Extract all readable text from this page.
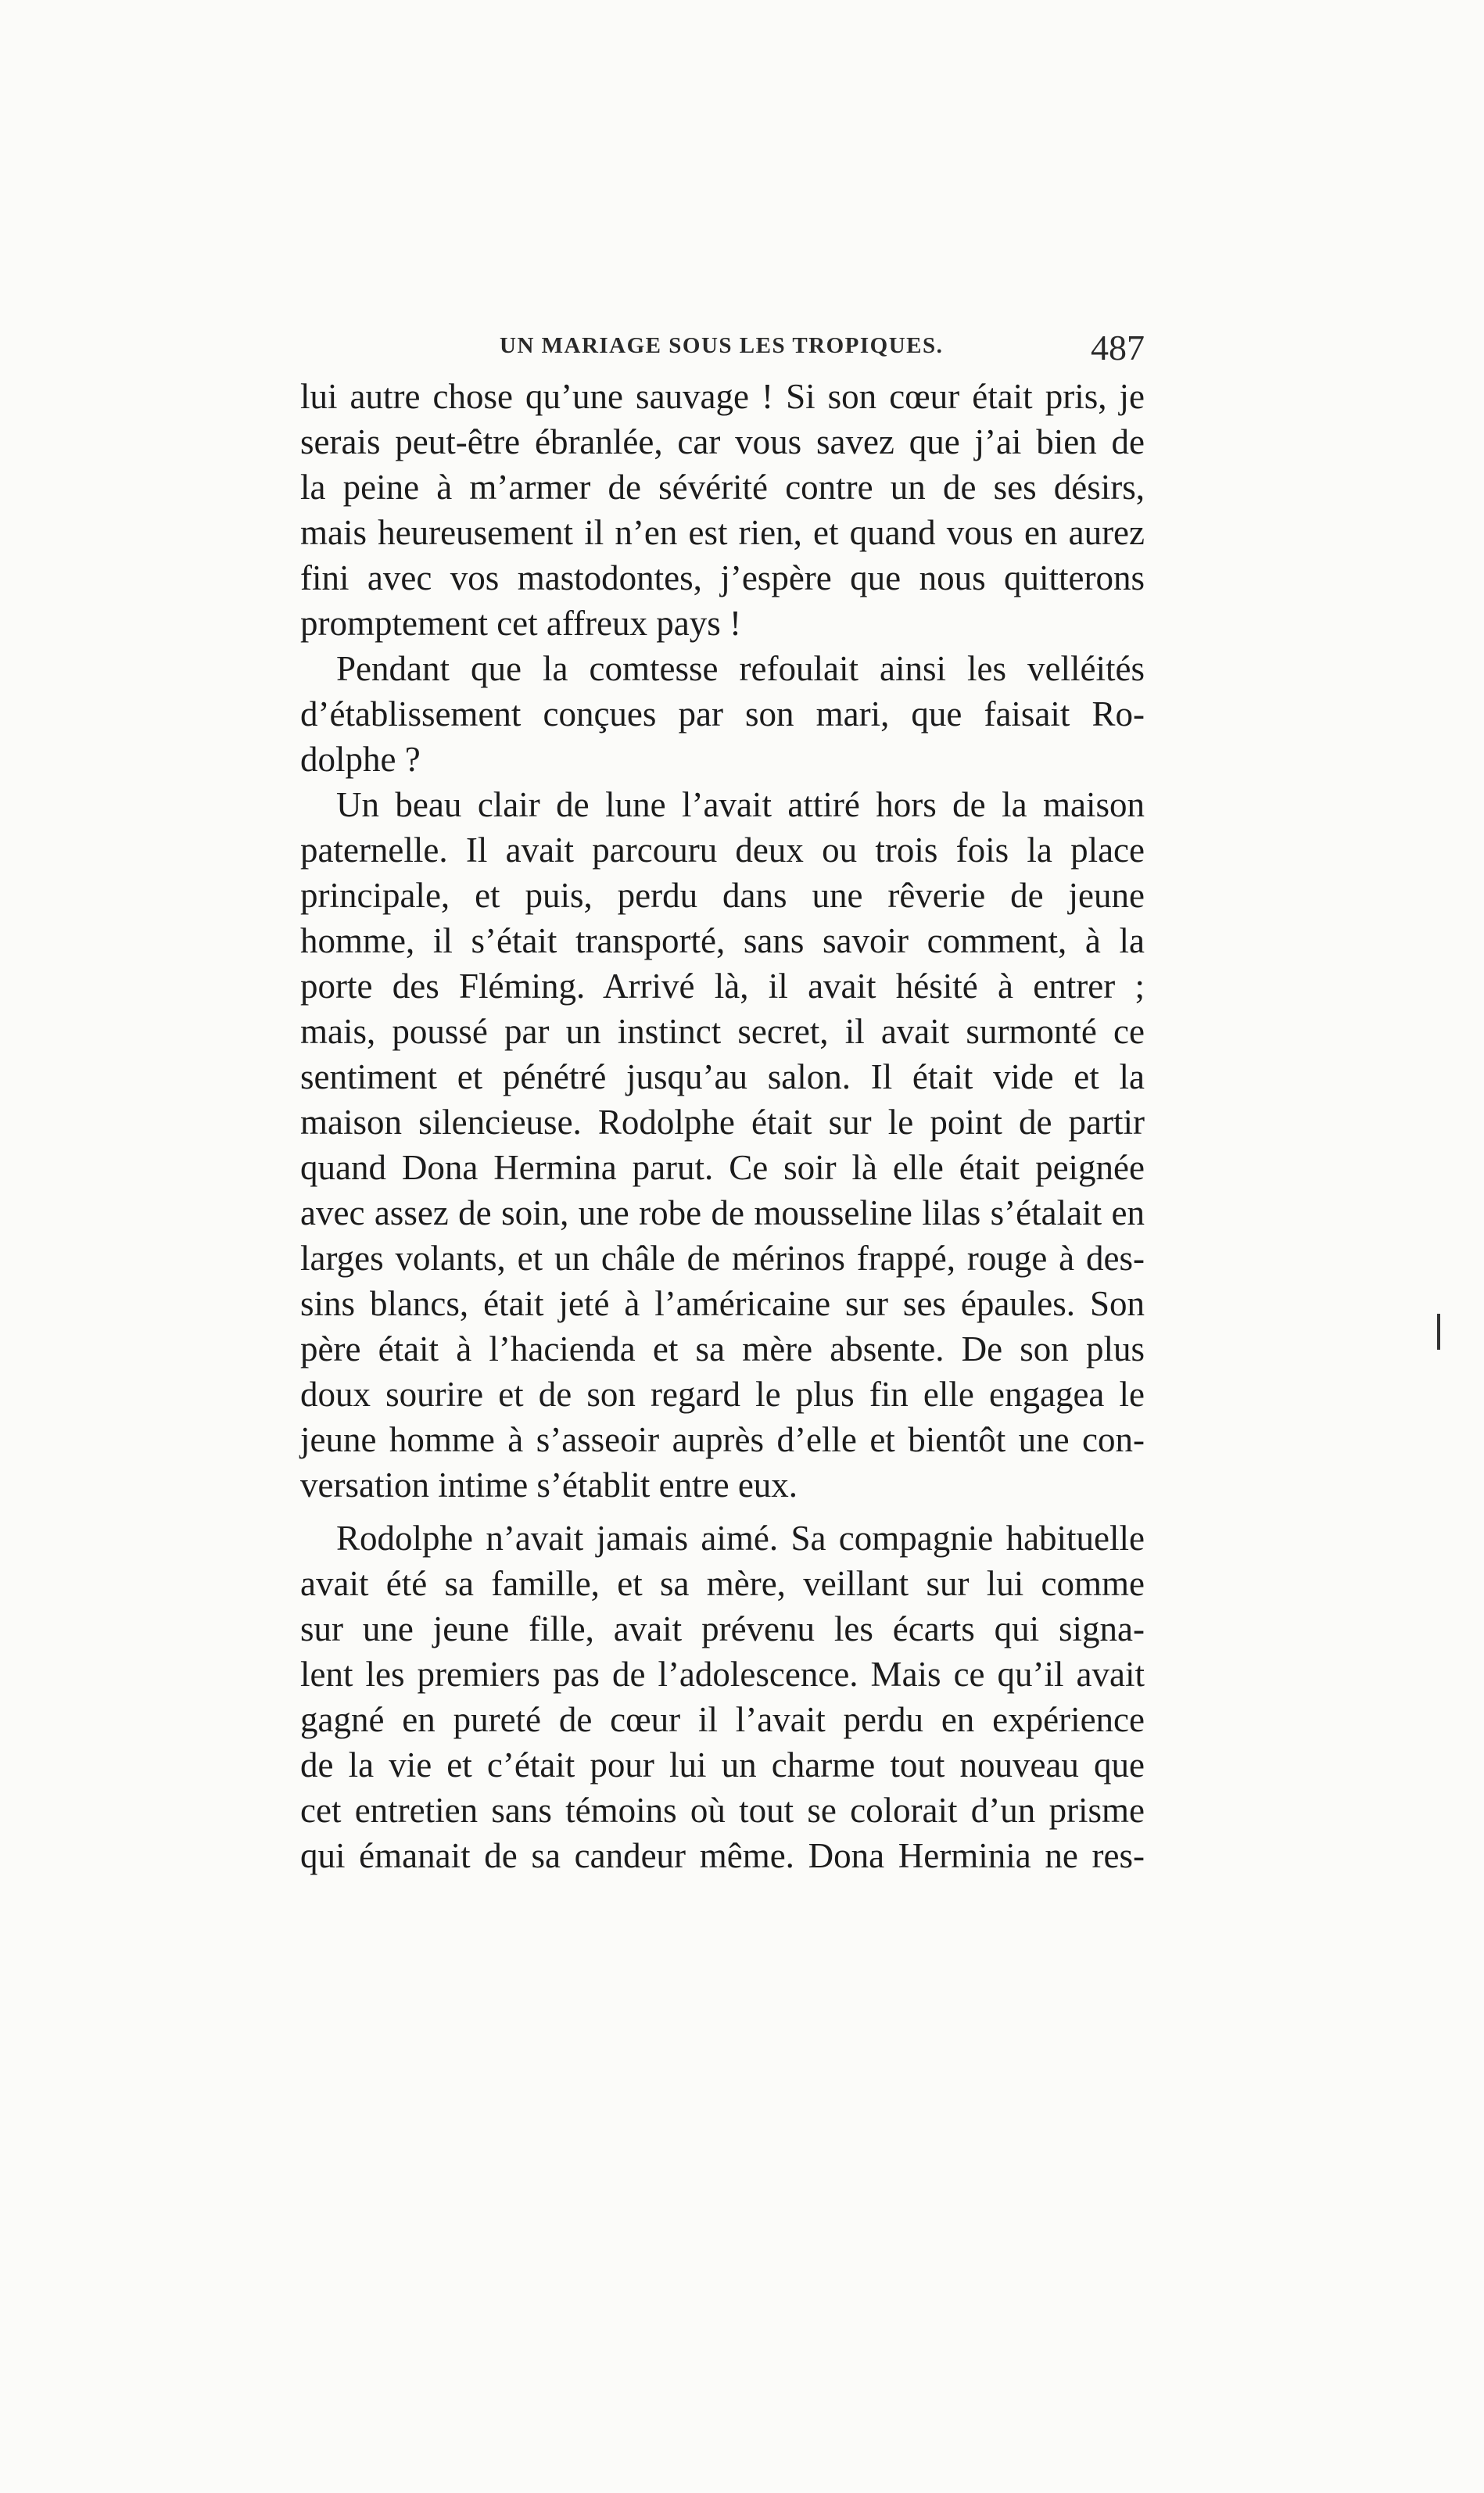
UN MARIAGE SOUS LES TROPIQUES.	487
lui autre chose qu’une sauvage ! Si son cœur était pris, je
serais peut-être ébranlée, car vous savez que j’ai bien de
la peine à m’armer de sévérité contre un de ses désirs,
mais heureusement il n’en est rien, et quand vous en aurez
fini avec vos mastodontes, j’espère que nous quitterons
promptement cet affreux pays !
Pendant que la comtesse refoulait ainsi les velléités
d’établissement conçues par son mari, que faisait Ro-
dolphe ?
Un beau clair de lune l’avait attiré hors de la maison
paternelle. Il avait parcouru deux ou trois fois la place
principale, et puis, perdu dans une rêverie de jeune
homme, il s’était transporté, sans savoir comment, à la
porte des Fléming. Arrivé là, il avait hésité à entrer ;
mais, poussé par un instinct secret, il avait surmonté ce
sentiment et pénétré jusqu’au salon. Il était vide et la
maison silencieuse. Rodolphe était sur le point de partir
quand Dona Hermina parut. Ce soir là elle était peignée
avec assez de soin, une robe de mousseline lilas s’étalait en
larges volants, et un châle de mérinos frappé, rouge à des-
sins blancs, était jeté à l’américaine sur ses épaules. Son
père était à l’hacienda et sa mère absente. De son plus
doux sourire et de son regard le plus fin elle engagea le
jeune homme à s’asseoir auprès d’elle et bientôt une con-
versation intime s’établit entre eux.
Rodolphe n’avait jamais aimé. Sa compagnie habituelle
avait été sa famille, et sa mère, veillant sur lui comme
sur une jeune fille, avait prévenu les écarts qui signa-
lent les premiers pas de l’adolescence. Mais ce qu’il avait
gagné en pureté de cœur il l’avait perdu en expérience
de la vie et c’était pour lui un charme tout nouveau que
cet entretien sans témoins où tout se colorait d’un prisme
qui émanait de sa candeur même. Dona Herminia ne res-
